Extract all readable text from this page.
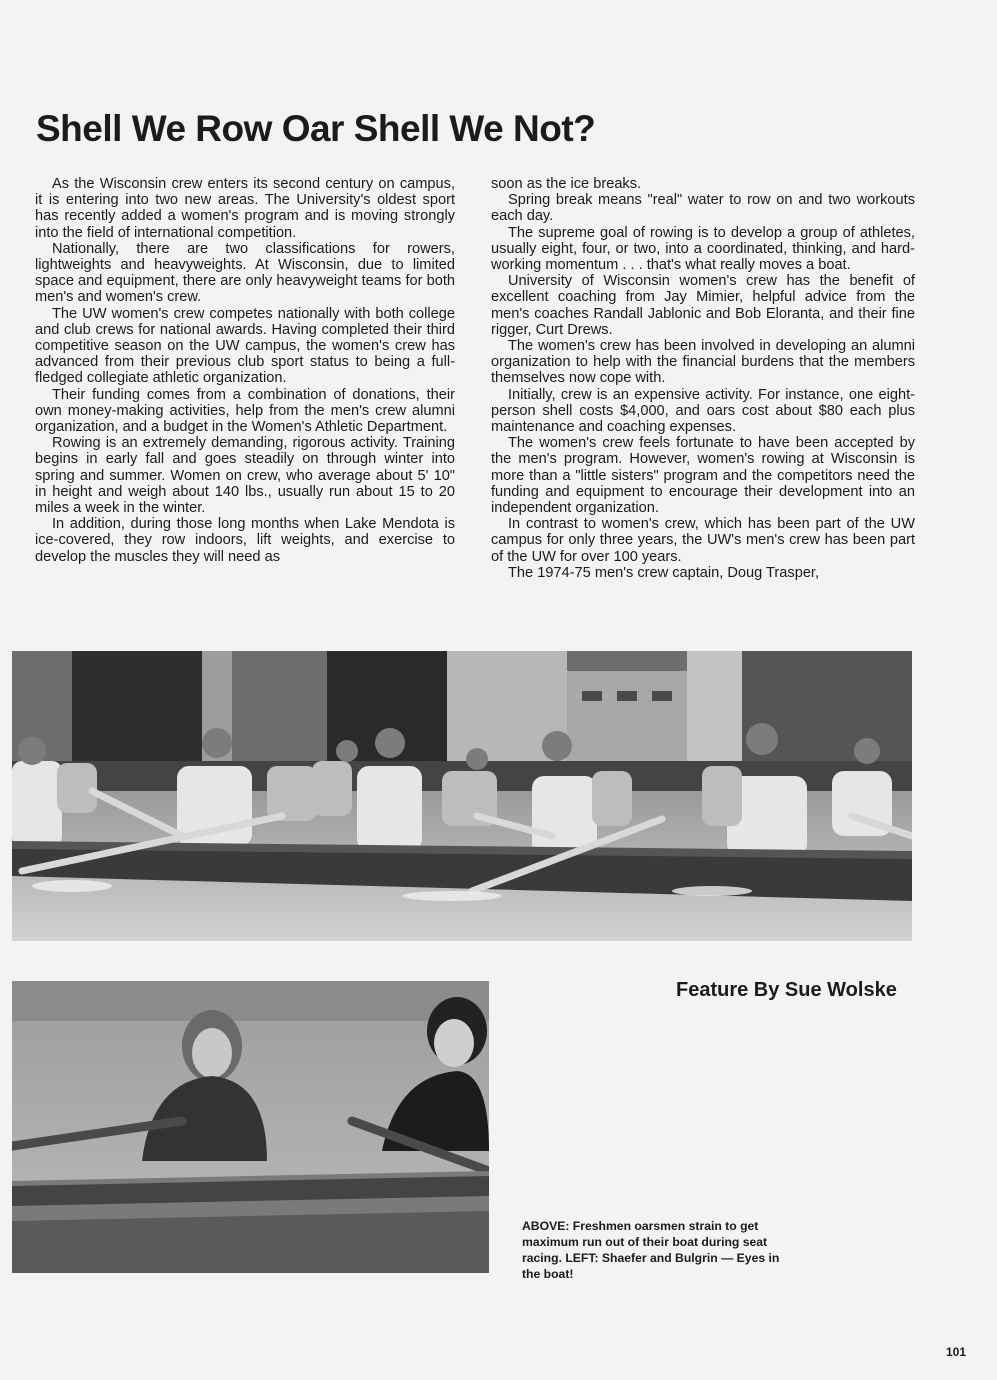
Shell We Row Oar Shell We Not?

As the Wisconsin crew enters its second century on campus, it is entering into two new areas. The University's oldest sport has recently added a women's program and is moving strongly into the field of international competition.

Nationally, there are two classifications for rowers, lightweights and heavyweights. At Wisconsin, due to limited space and equipment, there are only heavyweight teams for both men's and women's crew.

The UW women's crew competes nationally with both college and club crews for national awards. Having completed their third competitive season on the UW campus, the women's crew has advanced from their previous club sport status to being a full-fledged collegiate athletic organization.

Their funding comes from a combination of donations, their own money-making activities, help from the men's crew alumni organization, and a budget in the Women's Athletic Department.

Rowing is an extremely demanding, rigorous activity. Training begins in early fall and goes steadily on through winter into spring and summer. Women on crew, who average about 5' 10" in height and weigh about 140 lbs., usually run about 15 to 20 miles a week in the winter.

In addition, during those long months when Lake Mendota is ice-covered, they row indoors, lift weights, and exercise to develop the muscles they will need as

soon as the ice breaks.

Spring break means "real" water to row on and two workouts each day.

The supreme goal of rowing is to develop a group of athletes, usually eight, four, or two, into a coordinated, thinking, and hard-working momentum . . . that's what really moves a boat.

University of Wisconsin women's crew has the benefit of excellent coaching from Jay Mimier, helpful advice from the men's coaches Randall Jablonic and Bob Eloranta, and their fine rigger, Curt Drews.

The women's crew has been involved in developing an alumni organization to help with the financial burdens that the members themselves now cope with.

Initially, crew is an expensive activity. For instance, one eight-person shell costs $4,000, and oars cost about $80 each plus maintenance and coaching expenses.

The women's crew feels fortunate to have been accepted by the men's program. However, women's rowing at Wisconsin is more than a "little sisters" program and the competitors need the funding and equipment to encourage their development into an independent organization.

In contrast to women's crew, which has been part of the UW campus for only three years, the UW's men's crew has been part of the UW for over 100 years.

The 1974-75 men's crew captain, Doug Trasper,

Feature By Sue Wolske
ABOVE: Freshmen oarsmen strain to get maximum run out of their boat during seat racing. LEFT: Shaefer and Bulgrin — Eyes in the boat!
101
